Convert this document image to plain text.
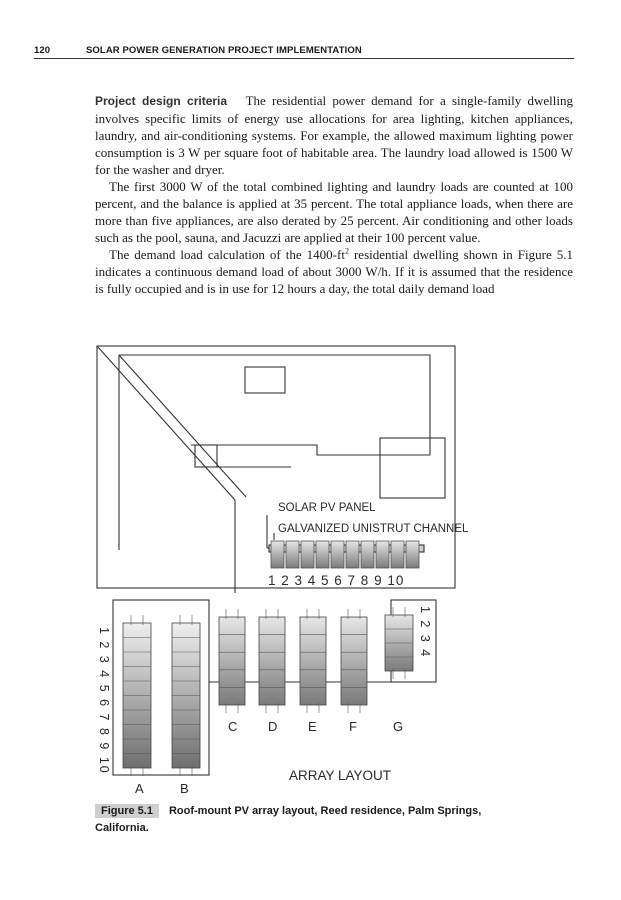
120	SOLAR POWER GENERATION PROJECT IMPLEMENTATION

Project design criteria The residential power demand for a single-family dwelling involves specific limits of energy use allocations for area lighting, kitchen appliances, laundry, and air-conditioning systems. For example, the allowed maximum lighting power consumption is 3 W per square foot of habitable area. The laundry load allowed is 1500 W for the washer and dryer.

The first 3000 W of the total combined lighting and laundry loads are counted at 100 percent, and the balance is applied at 35 percent. The total appliance loads, when there are more than five appliances, are also derated by 25 percent. Air conditioning and other loads such as the pool, sauna, and Jacuzzi are applied at their 100 percent value.

The demand load calculation of the $1400-ft^2$ residential dwelling shown in Figure 5.1 indicates a continuous demand load of about 3000 W/h. If it is assumed that the residence is fully occupied and is in use for 12 hours a day, the total daily demand load

SOLAR PV PANEL
GALVANIZED UNISTRUT CHANNEL
1 2 3 4 5 6 7 8 9 10
1 2 3 4 5 6 7 8 9 10	1 2 3 4
A	B
C D E F	G
ARRAY LAYOUT
Figure 5.1 Roof-mount PV array layout, Reed residence, Palm Springs, California.
